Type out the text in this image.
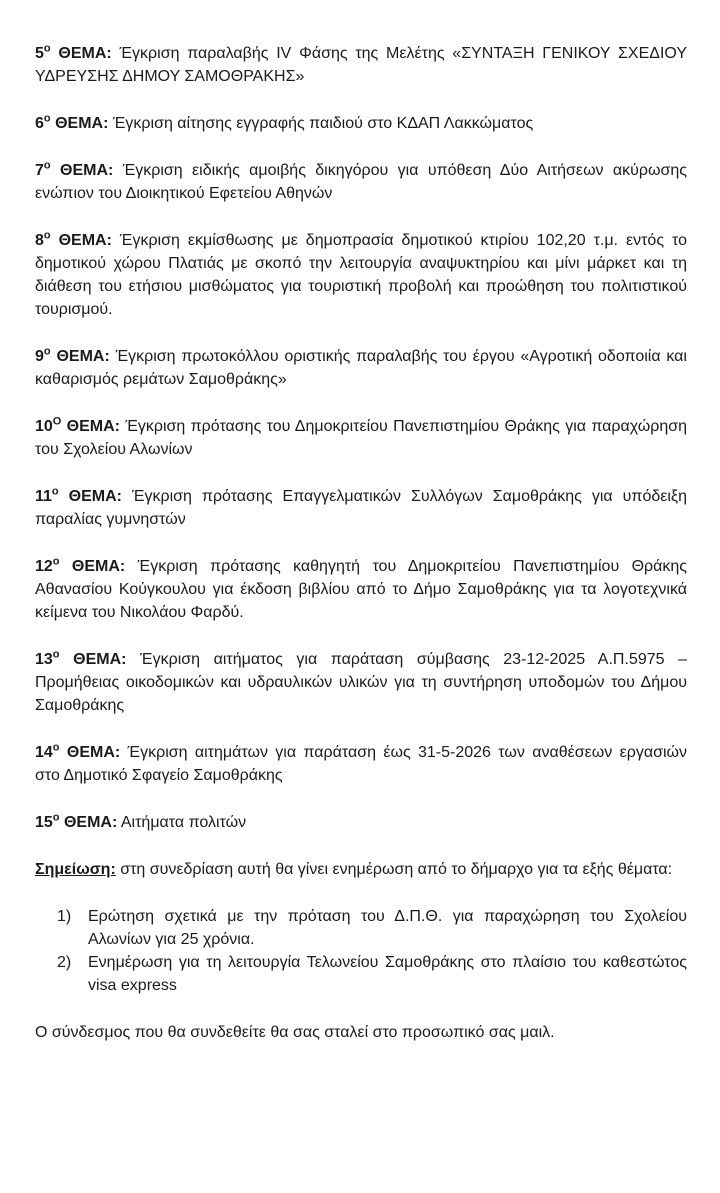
$5^o$ ΘΕΜΑ: Έγκριση παραλαβής IV Φάσης της Μελέτης «ΣΥΝΤΑΞΗ ΓΕΝΙΚΟΥ ΣΧΕΔΙΟΥ ΥΔΡΕΥΣΗΣ ΔΗΜΟΥ ΣΑΜΟΘΡΑΚΗΣ»

$6^o$ ΘΕΜΑ: Έγκριση αίτησης εγγραφής παιδιού στο ΚΔΑΠ Λακκώματος

$7^o$ ΘΕΜΑ: Έγκριση ειδικής αμοιβής δικηγόρου για υπόθεση Δύο Αιτήσεων ακύρωσης ενώπιον του Διοικητικού Εφετείου Αθηνών

$8^o$ ΘΕΜΑ: Έγκριση εκμίσθωσης με δημοπρασία δημοτικού κτιρίου 102,20 τ.μ. εντός το δημοτικού χώρου Πλατιάς με σκοπό την λειτουργία αναψυκτηρίου και μίνι μάρκετ και τη διάθεση του ετήσιου μισθώματος για τουριστική προβολή και προώθηση του πολιτιστικού τουρισμού.

$9^o$ ΘΕΜΑ: Έγκριση πρωτοκόλλου οριστικής παραλαβής του έργου «Αγροτική οδοποιία και καθαρισμός ρεμάτων Σαμοθράκης»

$10^O$ ΘΕΜΑ: Έγκριση πρότασης του Δημοκριτείου Πανεπιστημίου Θράκης για παραχώρηση του Σχολείου Αλωνίων

$11^o$ ΘΕΜΑ: Έγκριση πρότασης Επαγγελματικών Συλλόγων Σαμοθράκης για υπόδειξη παραλίας γυμνηστών

$12^o$ ΘΕΜΑ: Έγκριση πρότασης καθηγητή του Δημοκριτείου Πανεπιστημίου Θράκης Αθανασίου Κούγκουλου για έκδοση βιβλίου από το Δήμο Σαμοθράκης για τα λογοτεχνικά κείμενα του Νικολάου Φαρδύ.

$13^o$ ΘΕΜΑ: Έγκριση αιτήματος για παράταση σύμβασης 23-12-2025 Α.Π.5975 – Προμήθειας οικοδομικών και υδραυλικών υλικών για τη συντήρηση υποδομών του Δήμου Σαμοθράκης

$14^o$ ΘΕΜΑ: Έγκριση αιτημάτων για παράταση έως 31-5-2026 των αναθέσεων εργασιών στο Δημοτικό Σφαγείο Σαμοθράκης

$15^o$ ΘΕΜΑ: Αιτήματα πολιτών

Σημείωση: στη συνεδρίαση αυτή θα γίνει ενημέρωση από το δήμαρχο για τα εξής θέματα:

1)	Ερώτηση σχετικά με την πρόταση του Δ.Π.Θ. για παραχώρηση του Σχολείου Αλωνίων για 25 χρόνια.
2)	Ενημέρωση για τη λειτουργία Τελωνείου Σαμοθράκης στο πλαίσιο του καθεστώτος visa express

Ο σύνδεσμος που θα συνδεθείτε θα σας σταλεί στο προσωπικό σας μαιλ.
